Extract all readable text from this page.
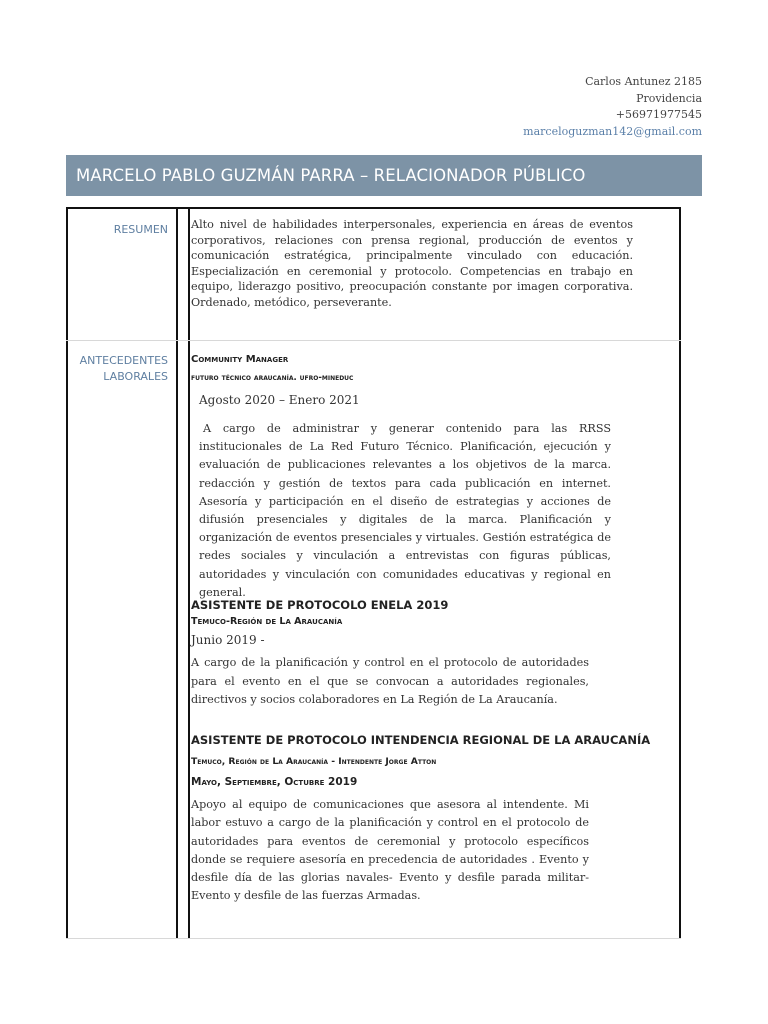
Carlos Antunez 2185
Providencia
+56971977545
marceloguzman142@gmail.com
MARCELO PABLO GUZMÁN PARRA – RELACIONADOR PÚBLICO
RESUMEN Alto nivel de habilidades interpersonales, experiencia en áreas de eventos corporativos, relaciones con prensa regional, producción de eventos y comunicación estratégica, principalmente vinculado con educación. Especialización en ceremonial y protocolo. Competencias en trabajo en equipo, liderazgo positivo, preocupación constante por imagen corporativa. Ordenado, metódico, perseverante.
ANTECEDENTES
LABORALES
Community Manager
futuro técnico araucanía. ufro-mineduc
Agosto 2020 – Enero 2021
A cargo de administrar y generar contenido para las RRSS institucionales de La Red Futuro Técnico. Planificación, ejecución y evaluación de publicaciones relevantes a los objetivos de la marca. redacción y gestión de textos para cada publicación en internet. Asesoría y participación en el diseño de estrategias y acciones de difusión presenciales y digitales de la marca. Planificación y organización de eventos presenciales y virtuales. Gestión estratégica de redes sociales y vinculación a entrevistas con figuras públicas, autoridades y vinculación con comunidades educativas y regional en general.
ASISTENTE DE PROTOCOLO ENELA 2019
Temuco-Región de La Araucanía
Junio 2019 -
A cargo de la planificación y control en el protocolo de autoridades para el evento en el que se convocan a autoridades regionales, directivos y socios colaboradores en La Región de La Araucanía.
ASISTENTE DE PROTOCOLO INTENDENCIA REGIONAL DE LA ARAUCANÍA
Temuco, Región de La Araucanía - Intendente Jorge Atton
Mayo, Septiembre, Octubre 2019
Apoyo al equipo de comunicaciones que asesora al intendente. Mi labor estuvo a cargo de la planificación y control en el protocolo de autoridades para eventos de ceremonial y protocolo específicos donde se requiere asesoría en precedencia de autoridades . Evento y desfile día de las glorias navales- Evento y desfile parada militar- Evento y desfile de las fuerzas Armadas.
